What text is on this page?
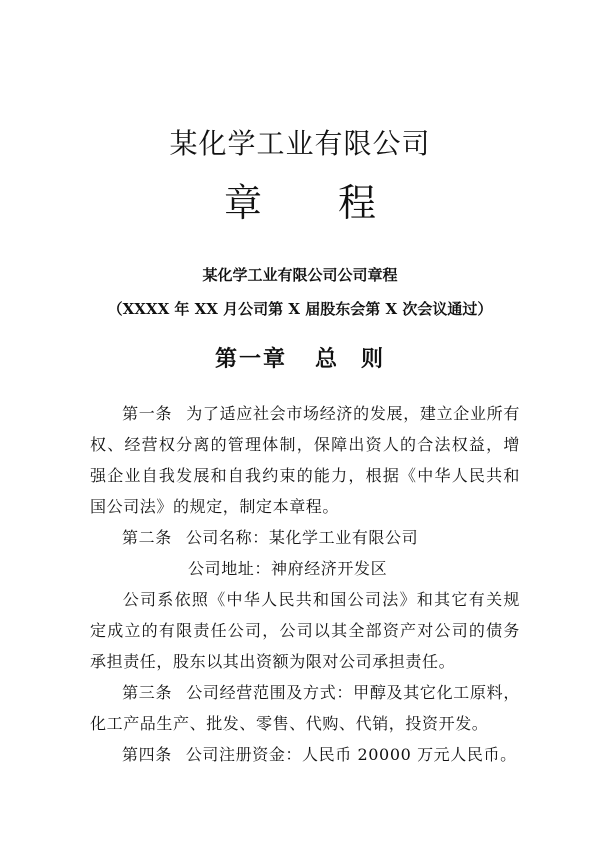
某化学工业有限公司
章 程

某化学工业有限公司公司章程

（XXXX 年 XX 月公司第 X 届股东会第 X 次会议通过）

第一章 总 则

第一条 为了适应社会市场经济的发展，建立企业所有权、经营权分离的管理体制，保障出资人的合法权益，增强企业自我发展和自我约束的能力，根据《中华人民共和国公司法》的规定，制定本章程。

第二条 公司名称：某化学工业有限公司

公司地址：神府经济开发区

公司系依照《中华人民共和国公司法》和其它有关规定成立的有限责任公司，公司以其全部资产对公司的债务承担责任，股东以其出资额为限对公司承担责任。

第三条 公司经营范围及方式：甲醇及其它化工原料，化工产品生产、批发、零售、代购、代销，投资开发。

第四条 公司注册资金：人民币 20000 万元人民币。
